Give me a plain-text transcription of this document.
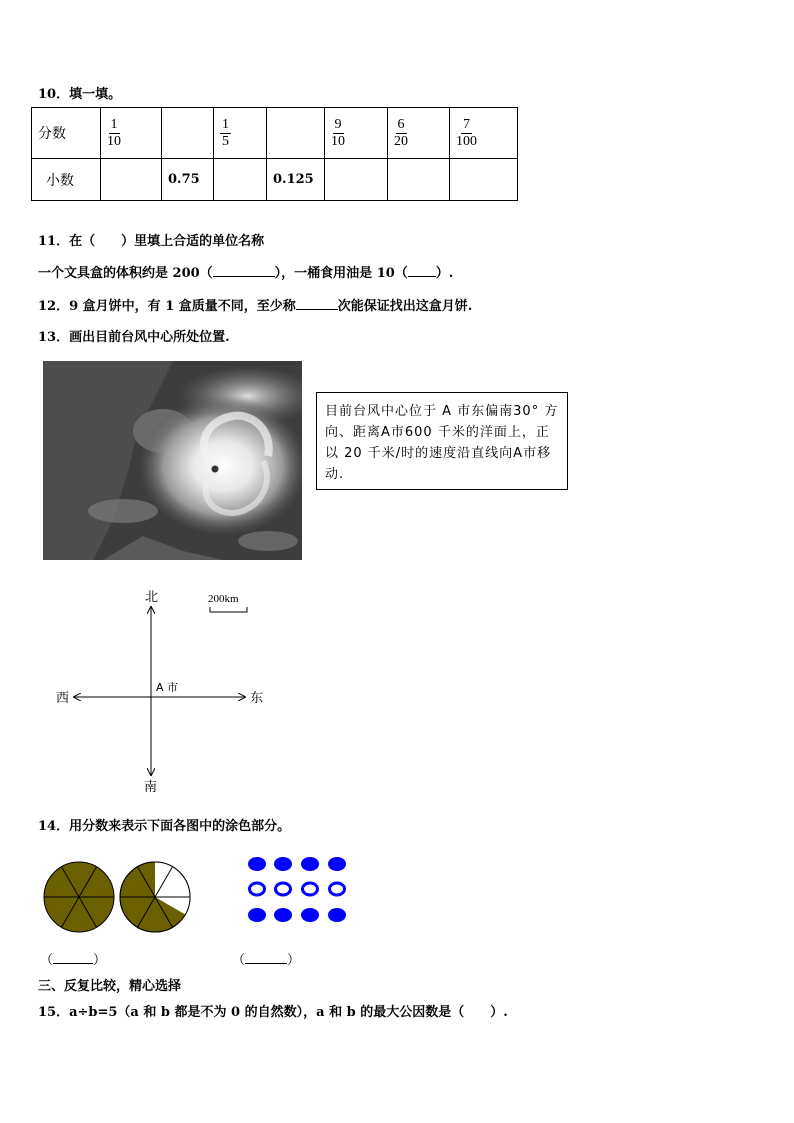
10．填一填。
分数	$\frac{1}{10}$		$\frac{1}{5}$		$\frac{9}{10}$	$\frac{6}{20}$	$\frac{7}{100}$

小数		0.75		0.125			
11．在（　　）里填上合适的单位名称
一个文具盒的体积约是 200（	），一桶食用油是 10（ ）.
12．9 盒月饼中，有 1 盒质量不同，至少称	次能保证找出这盒月饼.
13．画出目前台风中心所处位置.
目前台风中心位于 A 市东偏南30° 方向、距离A市600 千米的洋面上，正以 20 千米/时的速度沿直线向A市移动.
北
南
东
西
A 市
200km
14．用分数来表示下面各图中的涂色部分。
（	）	（	）
三、反复比较，精心选择
15．a÷b=5（a 和 b 都是不为 0 的自然数），a 和 b 的最大公因数是（　　）.
